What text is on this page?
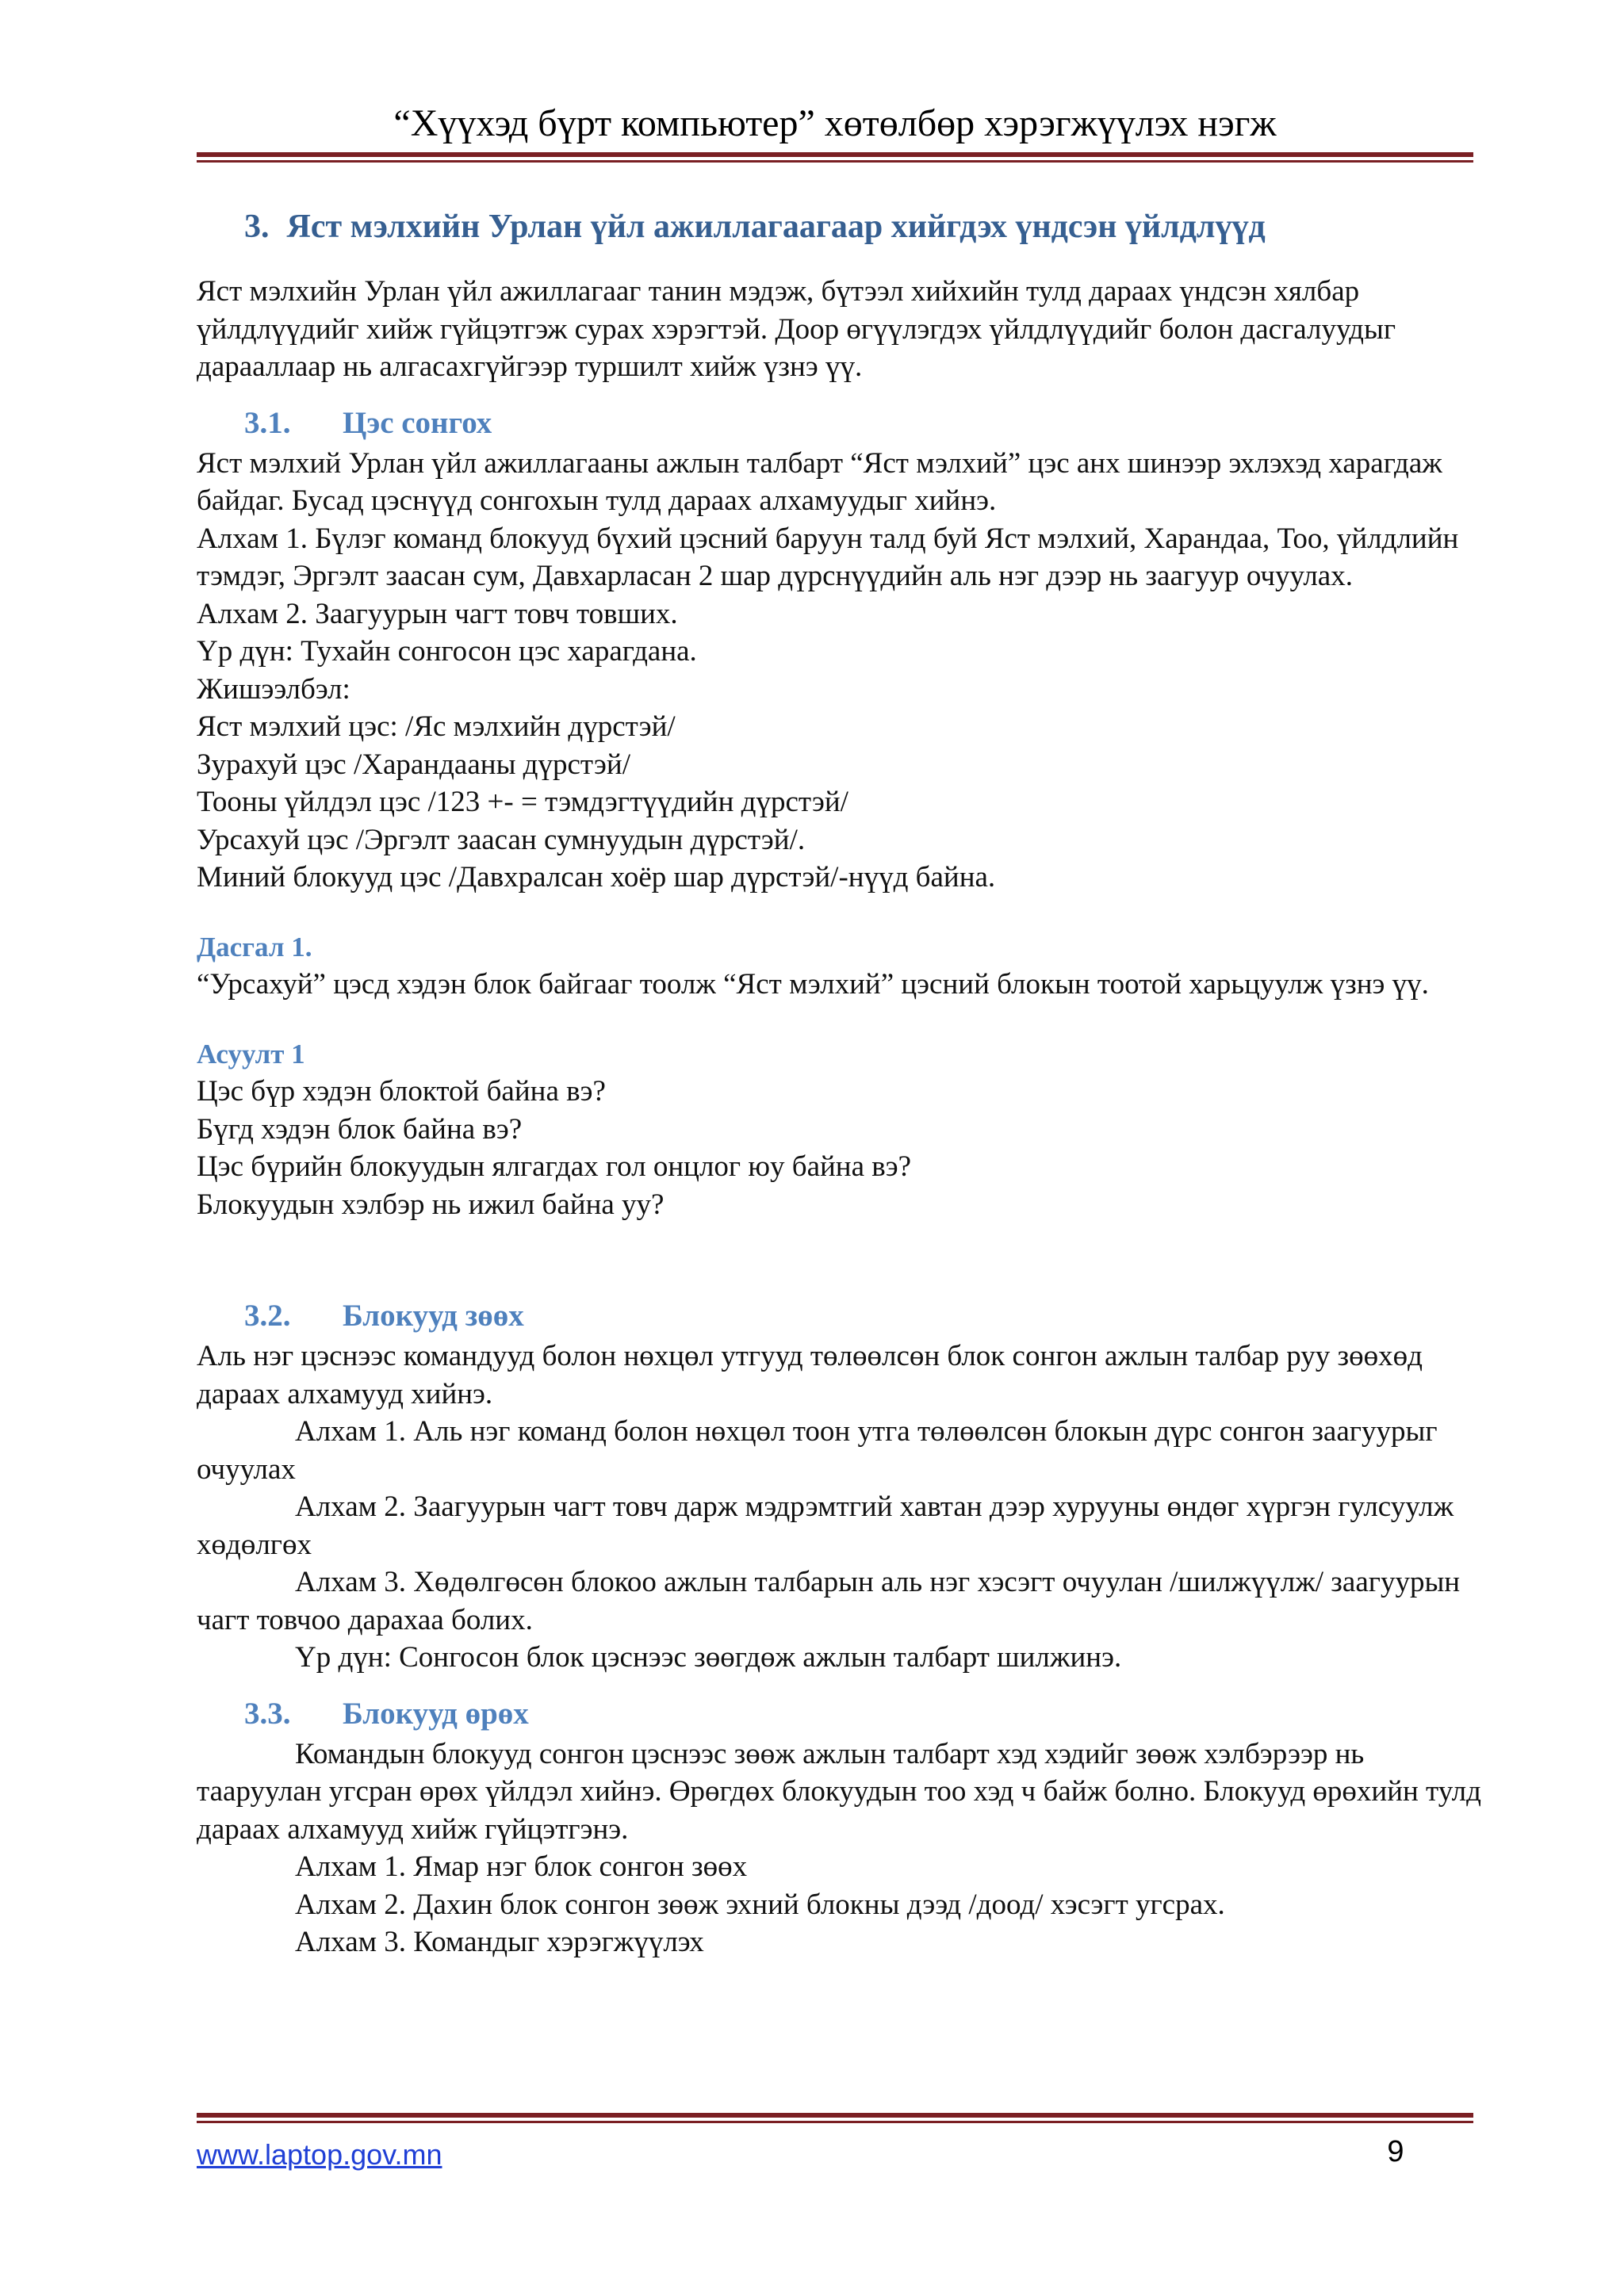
“Хүүхэд бүрт компьютер” хөтөлбөр хэрэгжүүлэх нэгж
3. Яст мэлхийн Урлан үйл ажиллагаагаар хийгдэх үндсэн үйлдлүүд

Яст мэлхийн Урлан үйл ажиллагааг танин мэдэж, бүтээл хийхийн тулд дараах үндсэн хялбар үйлдлүүдийг хийж гүйцэтгэж сурах хэрэгтэй. Доор өгүүлэгдэх үйлдлүүдийг болон дасгалуудыг дарааллаар нь алгасахгүйгээр туршилт хийж үзнэ үү.

3.1. Цэс сонгох

Яст мэлхий Урлан үйл ажиллагааны ажлын талбарт “Яст мэлхий” цэс анх шинээр эхлэхэд харагдаж байдаг. Бусад цэснүүд сонгохын тулд дараах алхамуудыг хийнэ.

Алхам 1. Бүлэг команд блокууд бүхий цэсний баруун талд буй Яст мэлхий, Харандаа, Тоо, үйлдлийн тэмдэг, Эргэлт заасан сум, Давхарласан 2 шар дүрснүүдийн аль нэг дээр нь заагуур очуулах.

Алхам 2. Заагуурын чагт товч товших.

Үр дүн: Тухайн сонгосон цэс харагдана.

Жишээлбэл:

Яст мэлхий цэс: /Яс мэлхийн дүрстэй/

Зурахуй цэс /Харандааны дүрстэй/

Тооны үйлдэл цэс /123 +- = тэмдэгтүүдийн дүрстэй/

Урсахуй цэс /Эргэлт заасан сумнуудын дүрстэй/.

Миний блокууд цэс /Давхралсан хоёр шар дүрстэй/-нүүд байна.

Дасгал 1.

“Урсахуй” цэсд хэдэн блок байгааг тоолж “Яст мэлхий” цэсний блокын тоотой харьцуулж үзнэ үү.

Асуулт 1

Цэс бүр хэдэн блоктой байна вэ?

Бүгд хэдэн блок байна вэ?

Цэс бүрийн блокуудын ялгагдах гол онцлог юу байна вэ?

Блокуудын хэлбэр нь ижил байна уу?

3.2. Блокууд зөөх

Аль нэг цэснээс командууд болон нөхцөл утгууд төлөөлсөн блок сонгон ажлын талбар руу зөөхөд дараах алхамууд хийнэ.

Алхам 1. Аль нэг команд болон нөхцөл тоон утга төлөөлсөн блокын дүрс сонгон заагуурыг очуулах

Алхам 2. Заагуурын чагт товч дарж мэдрэмтгий хавтан дээр хурууны өндөг хүргэн гулсуулж хөдөлгөх

Алхам 3. Хөдөлгөсөн блокоо ажлын талбарын аль нэг хэсэгт очуулан /шилжүүлж/ заагуурын чагт товчоо дарахаа болих.

Үр дүн: Сонгосон блок цэснээс зөөгдөж ажлын талбарт шилжинэ.

3.3. Блокууд өрөх

Командын блокууд сонгон цэснээс зөөж ажлын талбарт хэд хэдийг зөөж хэлбэрээр нь тааруулан угсран өрөх үйлдэл хийнэ. Өрөгдөх блокуудын тоо хэд ч байж болно. Блокууд өрөхийн тулд дараах алхамууд хийж гүйцэтгэнэ.

Алхам 1. Ямар нэг блок сонгон зөөх

Алхам 2. Дахин блок сонгон зөөж эхний блокны дээд /доод/ хэсэгт угсрах.

Алхам 3. Командыг хэрэгжүүлэх

www.laptop.gov.mn	9
